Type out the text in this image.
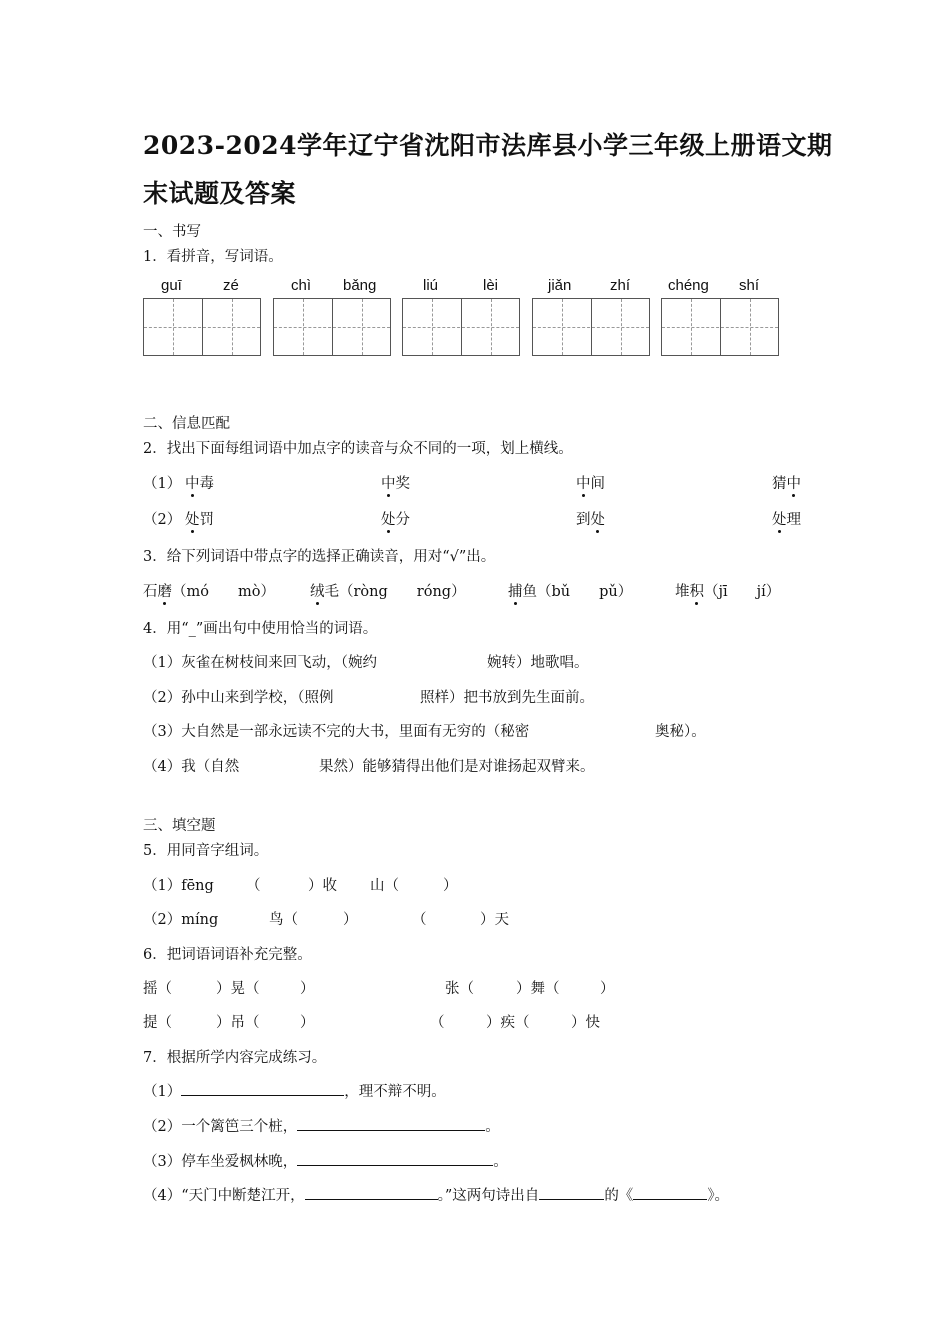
2023-2024学年辽宁省沈阳市法库县小学三年级上册语文期
末试题及答案
一、书写
1．看拼音，写词语。
guī	zé	chì bǎng	liú	lèi	jiǎn	zhí	chéng shí
二、信息匹配
2．找出下面每组词语中加点字的读音与众不同的一项，划上横线。
（1） 中毒	中奖	中间	猜中
（2） 处罚	处分	到处	处理
3．给下列词语中带点字的选择正确读音，用对“√”出。
石磨（mó　　mò） 绒毛（ròng　　róng）	捕鱼（bǔ　　pǔ）	堆积（jī　　jí）
4．用“_”画出句中使用恰当的词语。
（1）灰雀在树枝间来回飞动，（婉约	婉转）地歌唱。
（2）孙中山来到学校，（照例	照样）把书放到先生面前。
（3）大自然是一部永远读不完的大书，里面有无穷的（秘密	奥秘）。
（4）我（自然	果然）能够猜得出他们是对谁扬起双臂来。
三、填空题
5．用同音字组词。
（1）fēng （	）收 山（	）
（2）míng	鸟（	）	（	）天
6．把词语词语补充完整。
摇（	）晃（	）	张（	）舞（	）
提（	）吊（	）	（	）疾（	）快
7．根据所学内容完成练习。
（1）	，理不辩不明。
（2）一个篱笆三个桩，	。
（3）停车坐爱枫林晚，	。
（4）“天门中断楚江开，	。”这两句诗出自	的《	》。
